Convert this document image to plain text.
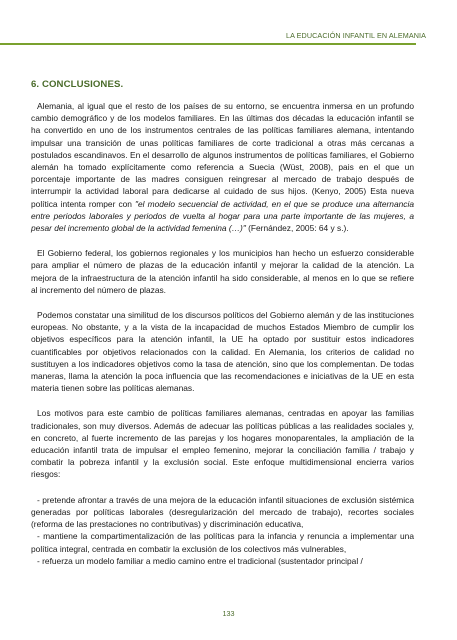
LA EDUCACIÓN INFANTIL EN ALEMANIA
6. CONCLUSIONES.

Alemania, al igual que el resto de los países de su entorno, se encuentra inmersa en un profundo cambio demográfico y de los modelos familiares. En las últimas dos décadas la educación infantil se ha convertido en uno de los instrumentos centrales de las políticas familiares alemana, intentando impulsar una transición de unas políticas familiares de corte tradicional a otras más cercanas a postulados escandinavos. En el desarrollo de algunos instrumentos de políticas familiares, el Gobierno alemán ha tomado explícitamente como referencia a Suecia (Wüst, 2008), pais en el que un porcentaje importante de las madres consiguen reingresar al mercado de trabajo después de interrumpir la actividad laboral para dedicarse al cuidado de sus hijos. (Kenyo, 2005) Esta nueva política intenta romper con "el modelo secuencial de actividad, en el que se produce una alternancia entre periodos laborales y periodos de vuelta al hogar para una parte importante de las mujeres, a pesar del incremento global de la actividad femenina (…)" (Fernández, 2005: 64 y s.).

El Gobierno federal, los gobiernos regionales y los municipios han hecho un esfuerzo considerable para ampliar el número de plazas de la educación infantil y mejorar la calidad de la atención. La mejora de la infraestructura de la atención infantil ha sido considerable, al menos en lo que se refiere al incremento del número de plazas.

Podemos constatar una similitud de los discursos políticos del Gobierno alemán y de las instituciones europeas. No obstante, y a la vista de la incapacidad de muchos Estados Miembro de cumplir los objetivos específicos para la atención infantil, la UE ha optado por sustituir estos indicadores cuantificables por objetivos relacionados con la calidad. En Alemania, los criterios de calidad no sustituyen a los indicadores objetivos como la tasa de atención, sino que los complementan. De todas maneras, llama la atención la poca influencia que las recomendaciones e iniciativas de la UE en esta materia tienen sobre las políticas alemanas.

Los motivos para este cambio de políticas familiares alemanas, centradas en apoyar las familias tradicionales, son muy diversos. Además de adecuar las políticas públicas a las realidades sociales y, en concreto, al fuerte incremento de las parejas y los hogares monoparentales, la ampliación de la educación infantil trata de impulsar el empleo femenino, mejorar la conciliación familia / trabajo y combatir la pobreza infantil y la exclusión social. Este enfoque multidimensional encierra varios riesgos:

- pretende afrontar a través de una mejora de la educación infantil situaciones de exclusión sistémica generadas por políticas laborales (desregularización del mercado de trabajo), recortes sociales (reforma de las prestaciones no contributivas) y discriminación educativa,
- mantiene la compartimentalización de las políticas para la infancia y renuncia a implementar una política integral, centrada en combatir la exclusión de los colectivos más vulnerables,
- refuerza un modelo familiar a medio camino entre el tradicional (sustentador principal /

133
